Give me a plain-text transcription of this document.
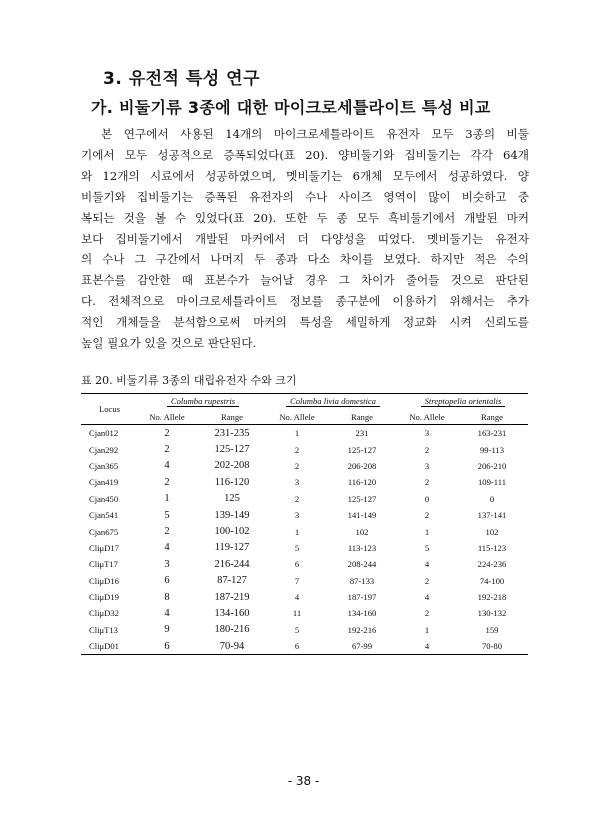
3. 유전적 특성 연구
가. 비둘기류 3종에 대한 마이크로세틀라이트 특성 비교
본 연구에서 사용된 14개의 마이크로세틀라이트 유전자 모두 3종의 비둘
기에서 모두 성공적으로 증폭되었다(표 20). 양비둘기와 집비둘기는 각각 64개
와 12개의 시료에서 성공하였으며, 멧비둘기는 6개체 모두에서 성공하였다. 양
비둘기와 집비둘기는 증폭된 유전자의 수나 사이즈 영역이 많이 비슷하고 중
복되는 것을 볼 수 있었다(표 20). 또한 두 종 모두 흑비둘기에서 개발된 마커
보다 집비둘기에서 개발된 마커에서 더 다양성을 띠었다. 멧비둘기는 유전자
의 수나 그 구간에서 나머지 두 종과 다소 차이를 보였다. 하지만 적은 수의
표본수를 감안한 때 표본수가 늘어날 경우 그 차이가 줄어들 것으로 판단된
다. 전체적으로 마이크로세틀라이트 정보를 종구분에 이용하기 위해서는 추가
적인 개체들을 분석함으로써 마커의 특성을 세밀하게 정교화 시켜 신뢰도를
높일 필요가 있을 것으로 판단된다.
표 20. 비둘기류 3종의 대립유전자 수와 크기
Locus	Columba rupestris		Columba livia domestica		Streptopelia orientalis	
	No. Allele	Range	No. Allele	Range	No. Allele	Range
Cjan012	2	231-235	1	231	3	163-231
Cjan292	2	125-127	2	125-127	2	99-113
Cjan365	4	202-208	2	206-208	3	206-210
Cjan419	2	116-120	3	116-120	2	109-111
Cjan450	1	125	2	125-127	0	0
Cjan541	5	139-149	3	141-149	2	137-141
Cjan675	2	100-102	1	102	1	102
CliμD17	4	119-127	5	113-123	5	115-123
CliμT17	3	216-244	6	208-244	4	224-236
CliμD16	6	87-127	7	87-133	2	74-100
CliμD19	8	187-219	4	187-197	4	192-218
CliμD32	4	134-160	11	134-160	2	130-132
CliμT13	9	180-216	5	192-216	1	159
CliμD01	6	70-94	6	67-99	4	70-80
- 38 -
